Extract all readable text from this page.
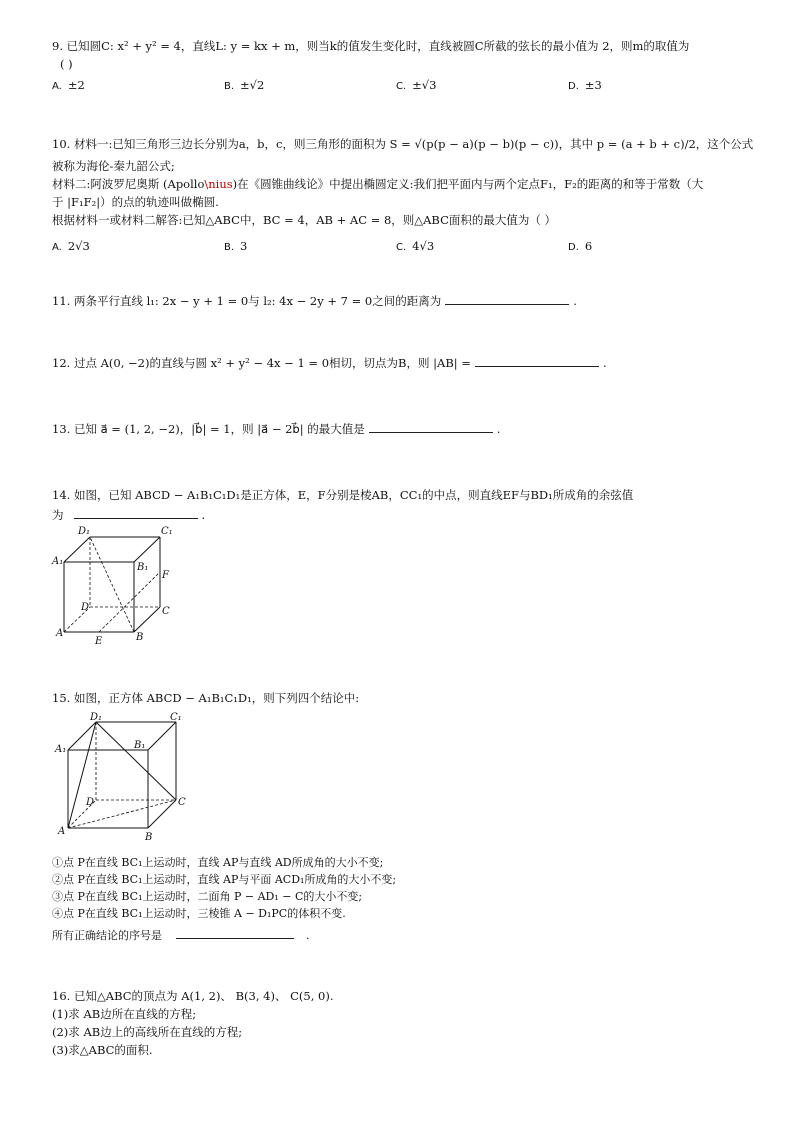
9. 已知圆C: x² + y² = 4，直线L: y = kx + m，则当k的值发生变化时，直线被圆C所截的弦长的最小值为 2，则m的取值为
( )
A. ±2	B. ±√2	C. ±√3	D. ±3
10. 材料一:已知三角形三边长分别为a，b，c，则三角形的面积为 S = √(p(p − a)(p − b)(p − c))，其中 p = (a + b + c)/2，这个公式
被称为海伦-秦九韶公式;
材料二:阿波罗尼奥斯 (Apollo\nius)在《圆锥曲线论》中提出椭圆定义:我们把平面内与两个定点F₁，F₂的距离的和等于常数（大
于 |F₁F₂|）的点的轨迹叫做椭圆.
根据材料一或材料二解答:已知△ABC中，BC = 4，AB + AC = 8，则△ABC面积的最大值为（ ）
A. 2√3	B. 3	C. 4√3	D. 6
11. 两条平行直线 l₁: 2x − y + 1 = 0与 l₂: 4x − 2y + 7 = 0之间的距离为	.
12. 过点 A(0, −2)的直线与圆 x² + y² − 4x − 1 = 0相切，切点为B，则 |AB| =	.
13. 已知 a⃗ = (1, 2, −2)，|b⃗| = 1，则 |a⃗ − 2b⃗| 的最大值是	.
14. 如图，已知 ABCD − A₁B₁C₁D₁是正方体，E，F分别是棱AB，CC₁的中点，则直线EF与BD₁所成角的余弦值
为	.
D₁	C₁
A₁
B₁
F
D	C
A
E	B
15. 如图，正方体 ABCD − A₁B₁C₁D₁，则下列四个结论中:
D₁	C₁
A₁	B₁
D	C
A
B
①点 P在直线 BC₁上运动时，直线 AP与直线 AD所成角的大小不变;
②点 P在直线 BC₁上运动时，直线 AP与平面 ACD₁所成角的大小不变;
③点 P在直线 BC₁上运动时，二面角 P − AD₁ − C的大小不变;
④点 P在直线 BC₁上运动时，三棱锥 A − D₁PC的体积不变.
所有正确结论的序号是	.
16. 已知△ABC的顶点为 A(1, 2)、 B(3, 4)、 C(5, 0).
(1)求 AB边所在直线的方程;
(2)求 AB边上的高线所在直线的方程;
(3)求△ABC的面积.
